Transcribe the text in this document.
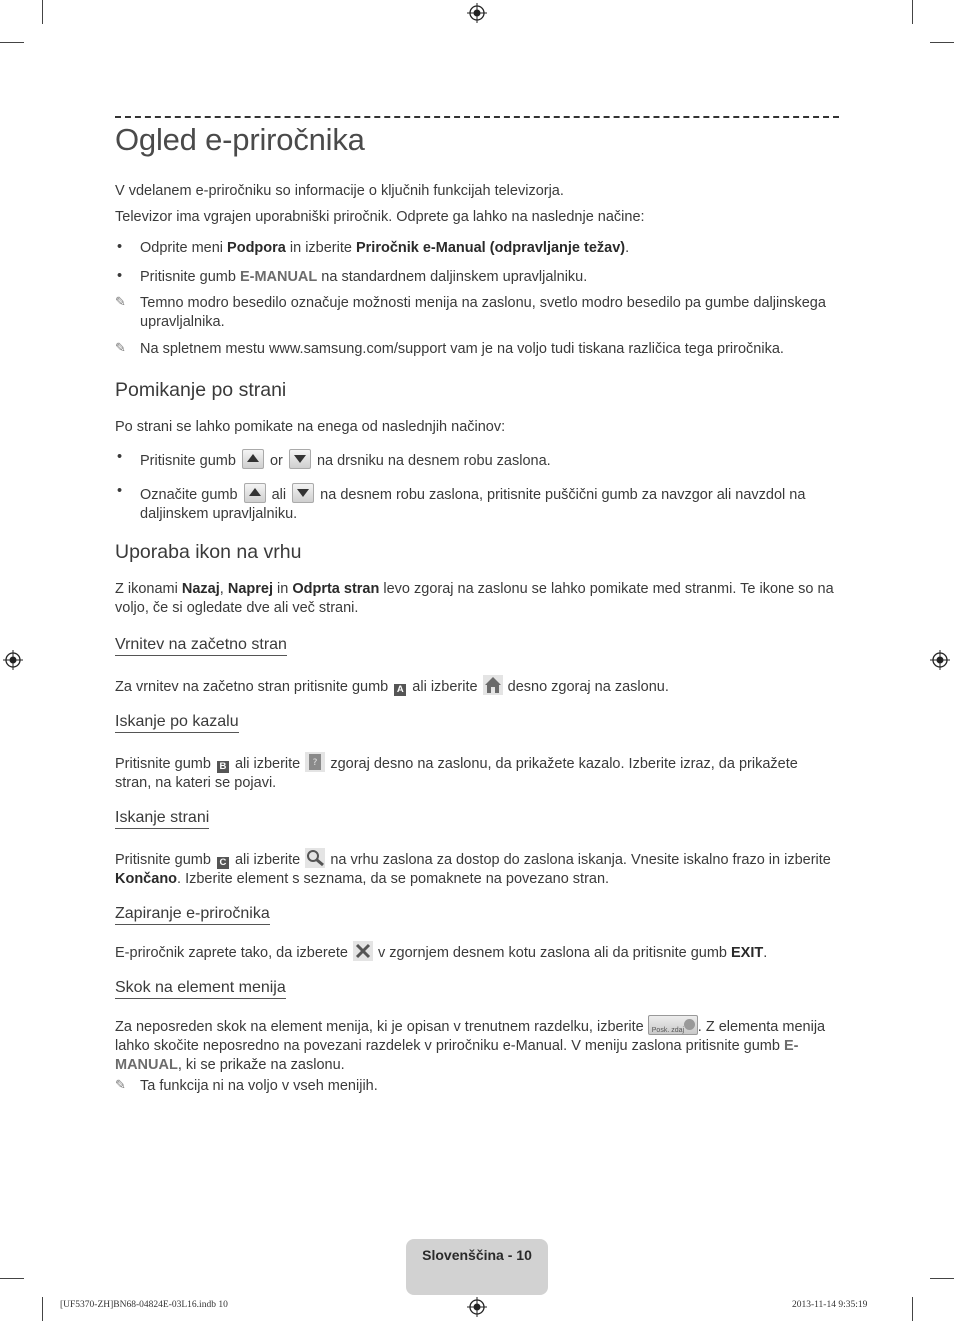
Ogled e-priročnika

V vdelanem e-priročniku so informacije o ključnih funkcijah televizorja.

Televizor ima vgrajen uporabniški priročnik. Odprete ga lahko na naslednje načine:

• Odprite meni Podpora in izberite Priročnik e-Manual (odpravljanje težav).

• Pritisnite gumb E-MANUAL na standardnem daljinskem upravljalniku.

✎ Temno modro besedilo označuje možnosti menija na zaslonu, svetlo modro besedilo pa gumbe daljinskega upravljalnika.

✎ Na spletnem mestu www.samsung.com/support vam je na voljo tudi tiskana različica tega priročnika.

Pomikanje po strani

Po strani se lahko pomikate na enega od naslednjih načinov:

• Pritisnite gumb or na drsniku na desnem robu zaslona.

• Označite gumb ali na desnem robu zaslona, pritisnite puščični gumb za navzgor ali navzdol na daljinskem upravljalniku.

Uporaba ikon na vrhu

Z ikonami Nazaj, Naprej in Odprta stran levo zgoraj na zaslonu se lahko pomikate med stranmi. Te ikone so na voljo, če si ogledate dve ali več strani.

Vrnitev na začetno stran

Za vrnitev na začetno stran pritisnite gumb A ali izberite desno zgoraj na zaslonu.

Iskanje po kazalu

Pritisnite gumb B ali izberite ? zgoraj desno na zaslonu, da prikažete kazalo. Izberite izraz, da prikažete stran, na kateri se pojavi.

Iskanje strani

Pritisnite gumb C ali izberite na vrhu zaslona za dostop do zaslona iskanja. Vnesite iskalno frazo in izberite Končano. Izberite element s seznama, da se pomaknete na povezano stran.

Zapiranje e-priročnika

E-priročnik zaprete tako, da izberete v zgornjem desnem kotu zaslona ali da pritisnite gumb EXIT.

Skok na element menija

Za neposreden skok na element menija, ki je opisan v trenutnem razdelku, izberite Posk. zdaj . Z elementa menija lahko skočite neposredno na povezani razdelek v priročniku e-Manual. V meniju zaslona pritisnite gumb E-MANUAL, ki se prikaže na zaslonu.

✎ Ta funkcija ni na voljo v vseh menijih.

Slovenščina - 10
[UF5370-ZH]BN68-04824E-03L16.indb 10	2013-11-14 9:35:19
